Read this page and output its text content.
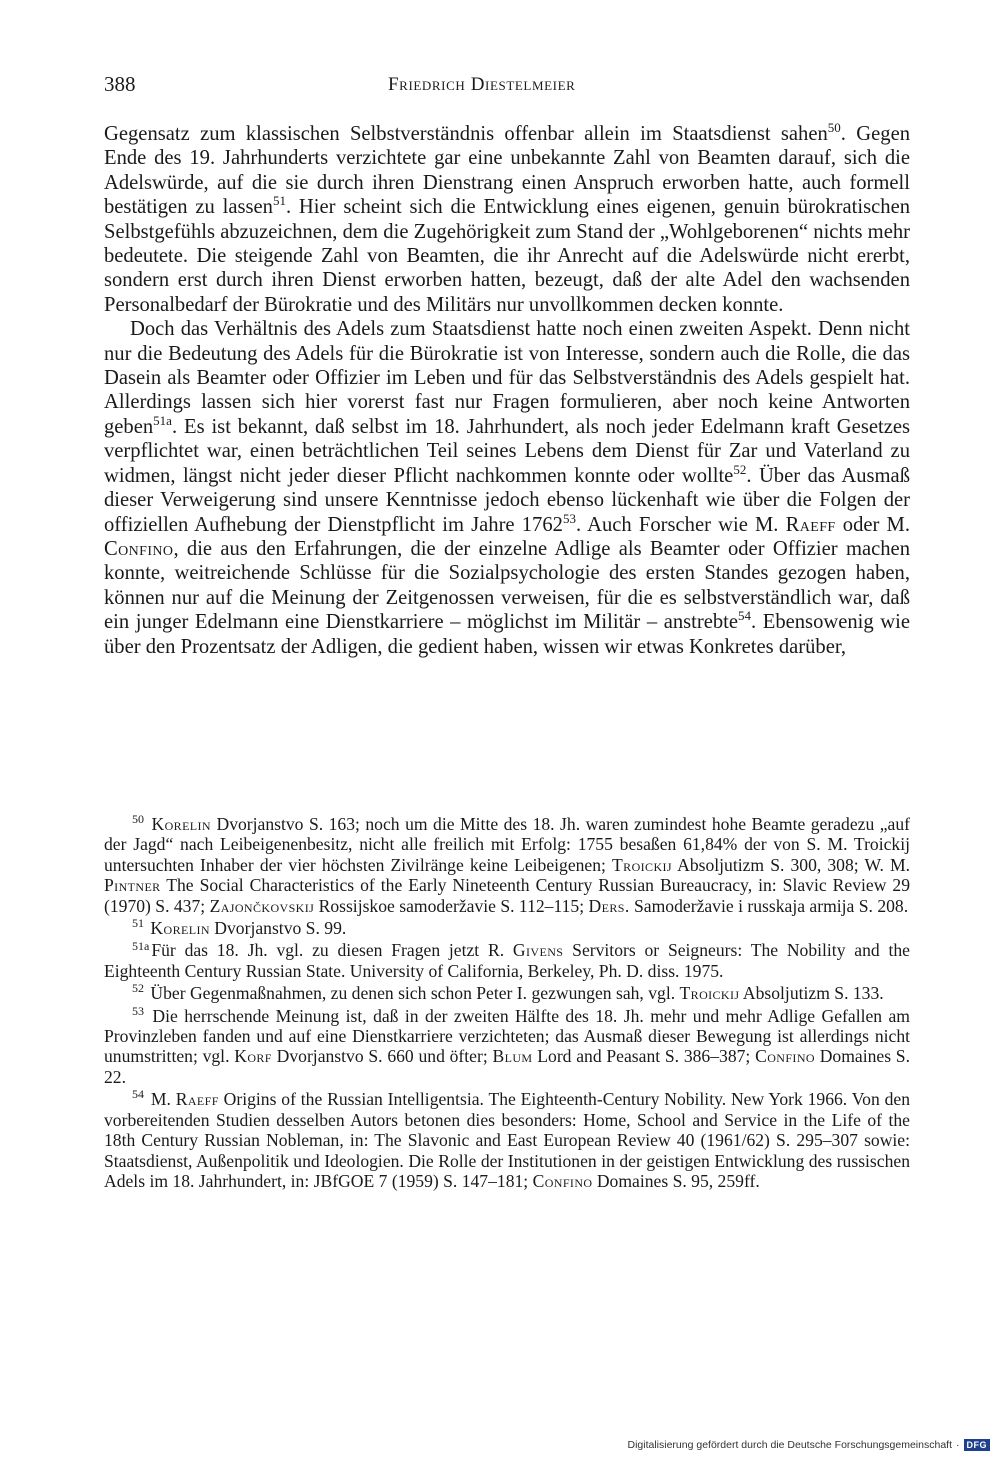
388	Friedrich Diestelmeier

Gegensatz zum klassischen Selbstverständnis offenbar allein im Staatsdienst sahen$^{50}$. Gegen Ende des 19. Jahrhunderts verzichtete gar eine unbekannte Zahl von Beamten darauf, sich die Adelswürde, auf die sie durch ihren Dienstrang einen Anspruch erworben hatte, auch formell bestätigen zu lassen$^{51}$. Hier scheint sich die Entwicklung eines eigenen, genuin bürokratischen Selbstgefühls abzuzeichnen, dem die Zugehörigkeit zum Stand der „Wohlgeborenen“ nichts mehr bedeutete. Die steigende Zahl von Beamten, die ihr Anrecht auf die Adelswürde nicht ererbt, sondern erst durch ihren Dienst erworben hatten, bezeugt, daß der alte Adel den wachsenden Personalbedarf der Bürokratie und des Militärs nur unvollkommen decken konnte.

Doch das Verhältnis des Adels zum Staatsdienst hatte noch einen zweiten Aspekt. Denn nicht nur die Bedeutung des Adels für die Bürokratie ist von Interesse, sondern auch die Rolle, die das Dasein als Beamter oder Offizier im Leben und für das Selbstverständnis des Adels gespielt hat. Allerdings lassen sich hier vorerst fast nur Fragen formulieren, aber noch keine Antworten geben$^{51a}$. Es ist bekannt, daß selbst im 18. Jahrhundert, als noch jeder Edelmann kraft Gesetzes verpflichtet war, einen beträchtlichen Teil seines Lebens dem Dienst für Zar und Vaterland zu widmen, längst nicht jeder dieser Pflicht nachkommen konnte oder wollte$^{52}$. Über das Ausmaß dieser Verweigerung sind unsere Kenntnisse jedoch ebenso lückenhaft wie über die Folgen der offiziellen Aufhebung der Dienstpflicht im Jahre 1762$^{53}$. Auch Forscher wie M. Raeff oder M. Confino, die aus den Erfahrungen, die der einzelne Adlige als Beamter oder Offizier machen konnte, weitreichende Schlüsse für die Sozialpsychologie des ersten Standes gezogen haben, können nur auf die Meinung der Zeitgenossen verweisen, für die es selbstverständlich war, daß ein junger Edelmann eine Dienstkarriere – möglichst im Militär – anstrebte$^{54}$. Ebensowenig wie über den Prozentsatz der Adligen, die gedient haben, wissen wir etwas Konkretes darüber,

$^{50}$ Korelin Dvorjanstvo S. 163; noch um die Mitte des 18. Jh. waren zumindest hohe Beamte geradezu „auf der Jagd“ nach Leibeigenenbesitz, nicht alle freilich mit Erfolg: 1755 besaßen 61,84% der von S. M. Troickij untersuchten Inhaber der vier höchsten Zivilränge keine Leibeigenen; Troickij Absoljutizm S. 300, 308; W. M. Pintner The Social Characteristics of the Early Nineteenth Century Russian Bureaucracy, in: Slavic Review 29 (1970) S. 437; Zajončkovskij Rossijskoe samoderžavie S. 112–115; Ders. Samoderžavie i russkaja armija S. 208.

$^{51}$ Korelin Dvorjanstvo S. 99.

$^{51a}$ Für das 18. Jh. vgl. zu diesen Fragen jetzt R. Givens Servitors or Seigneurs: The Nobility and the Eighteenth Century Russian State. University of California, Berkeley, Ph. D. diss. 1975.

$^{52}$ Über Gegenmaßnahmen, zu denen sich schon Peter I. gezwungen sah, vgl. Troickij Absoljutizm S. 133.

$^{53}$ Die herrschende Meinung ist, daß in der zweiten Hälfte des 18. Jh. mehr und mehr Adlige Gefallen am Provinzleben fanden und auf eine Dienstkarriere verzichteten; das Ausmaß dieser Bewegung ist allerdings nicht unumstritten; vgl. Korf Dvorjanstvo S. 660 und öfter; Blum Lord and Peasant S. 386–387; Confino Domaines S. 22.

$^{54}$ M. Raeff Origins of the Russian Intelligentsia. The Eighteenth-Century Nobility. New York 1966. Von den vorbereitenden Studien desselben Autors betonen dies besonders: Home, School and Service in the Life of the 18th Century Russian Nobleman, in: The Slavonic and East European Review 40 (1961/62) S. 295–307 sowie: Staatsdienst, Außenpolitik und Ideologien. Die Rolle der Institutionen in der geistigen Entwicklung des russischen Adels im 18. Jahrhundert, in: JBfGOE 7 (1959) S. 147–181; Confino Domaines S. 95, 259ff.

Digitalisierung gefördert durch die Deutsche Forschungsgemeinschaft · DFG
